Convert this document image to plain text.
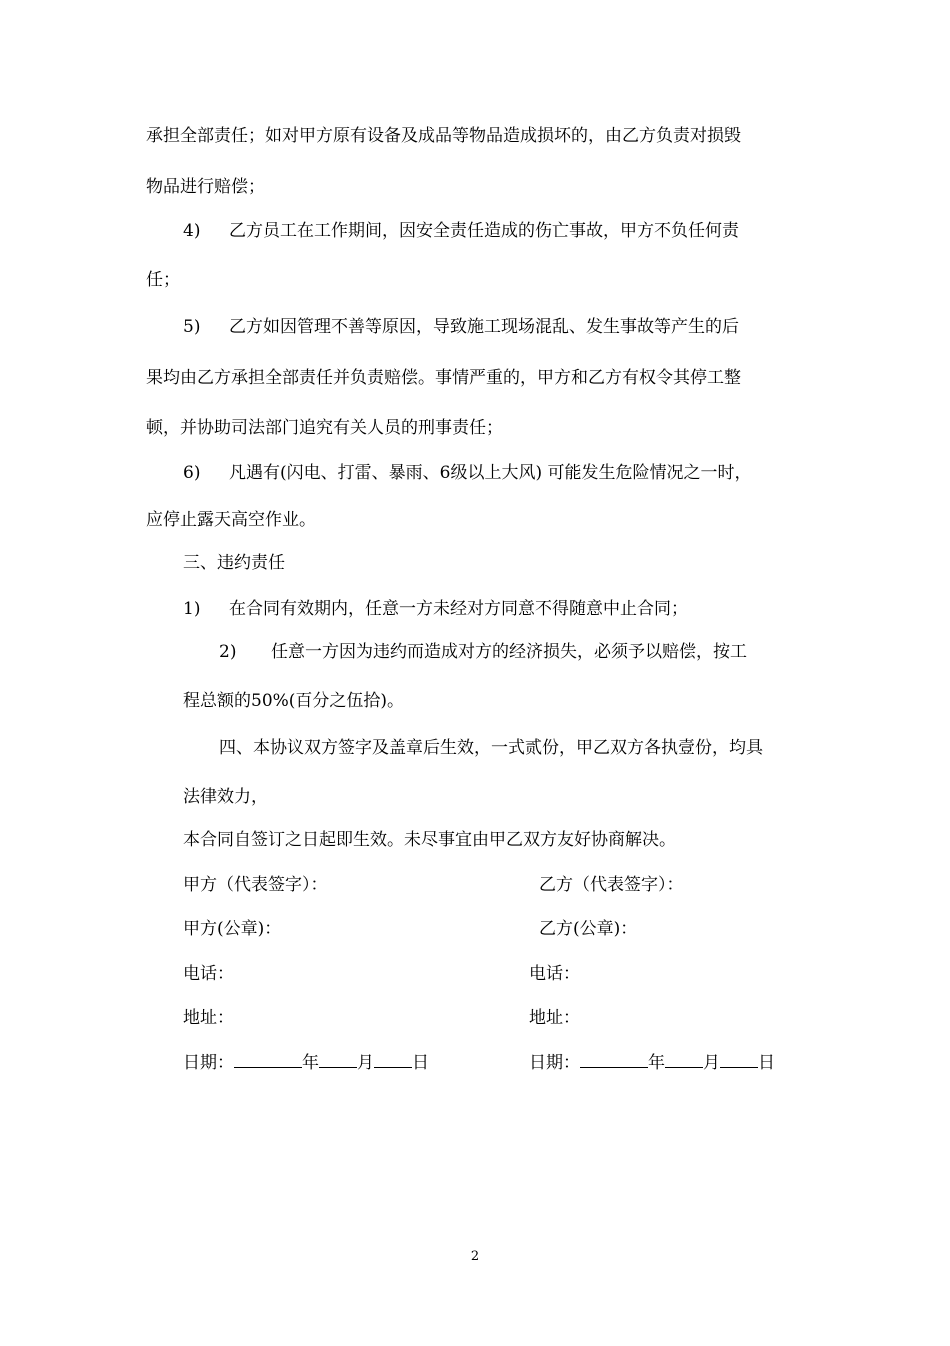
承担全部责任；如对甲方原有设备及成品等物品造成损坏的，由乙方负责对损毁
物品进行赔偿；
4) 乙方员工在工作期间，因安全责任造成的伤亡事故，甲方不负任何责
任；
5) 乙方如因管理不善等原因，导致施工现场混乱、发生事故等产生的后
果均由乙方承担全部责任并负责赔偿。事情严重的，甲方和乙方有权令其停工整
顿，并协助司法部门追究有关人员的刑事责任；
6) 凡遇有(闪电、打雷、暴雨、6级以上大风) 可能发生危险情况之一时，
应停止露天高空作业。
三、违约责任
1) 在合同有效期内，任意一方未经对方同意不得随意中止合同；
2) 任意一方因为违约而造成对方的经济损失，必须予以赔偿，按工
程总额的50%(百分之伍拾)。
四、本协议双方签字及盖章后生效，一式贰份，甲乙双方各执壹份，均具
法律效力，
本合同自签订之日起即生效。未尽事宜由甲乙双方友好协商解决。
甲方（代表签字）：	乙方（代表签字）：
甲方(公章)：	乙方(公章)：
电话：	电话：
地址：	地址：
日期：	年 月 日	日期：	年 月 日
2
